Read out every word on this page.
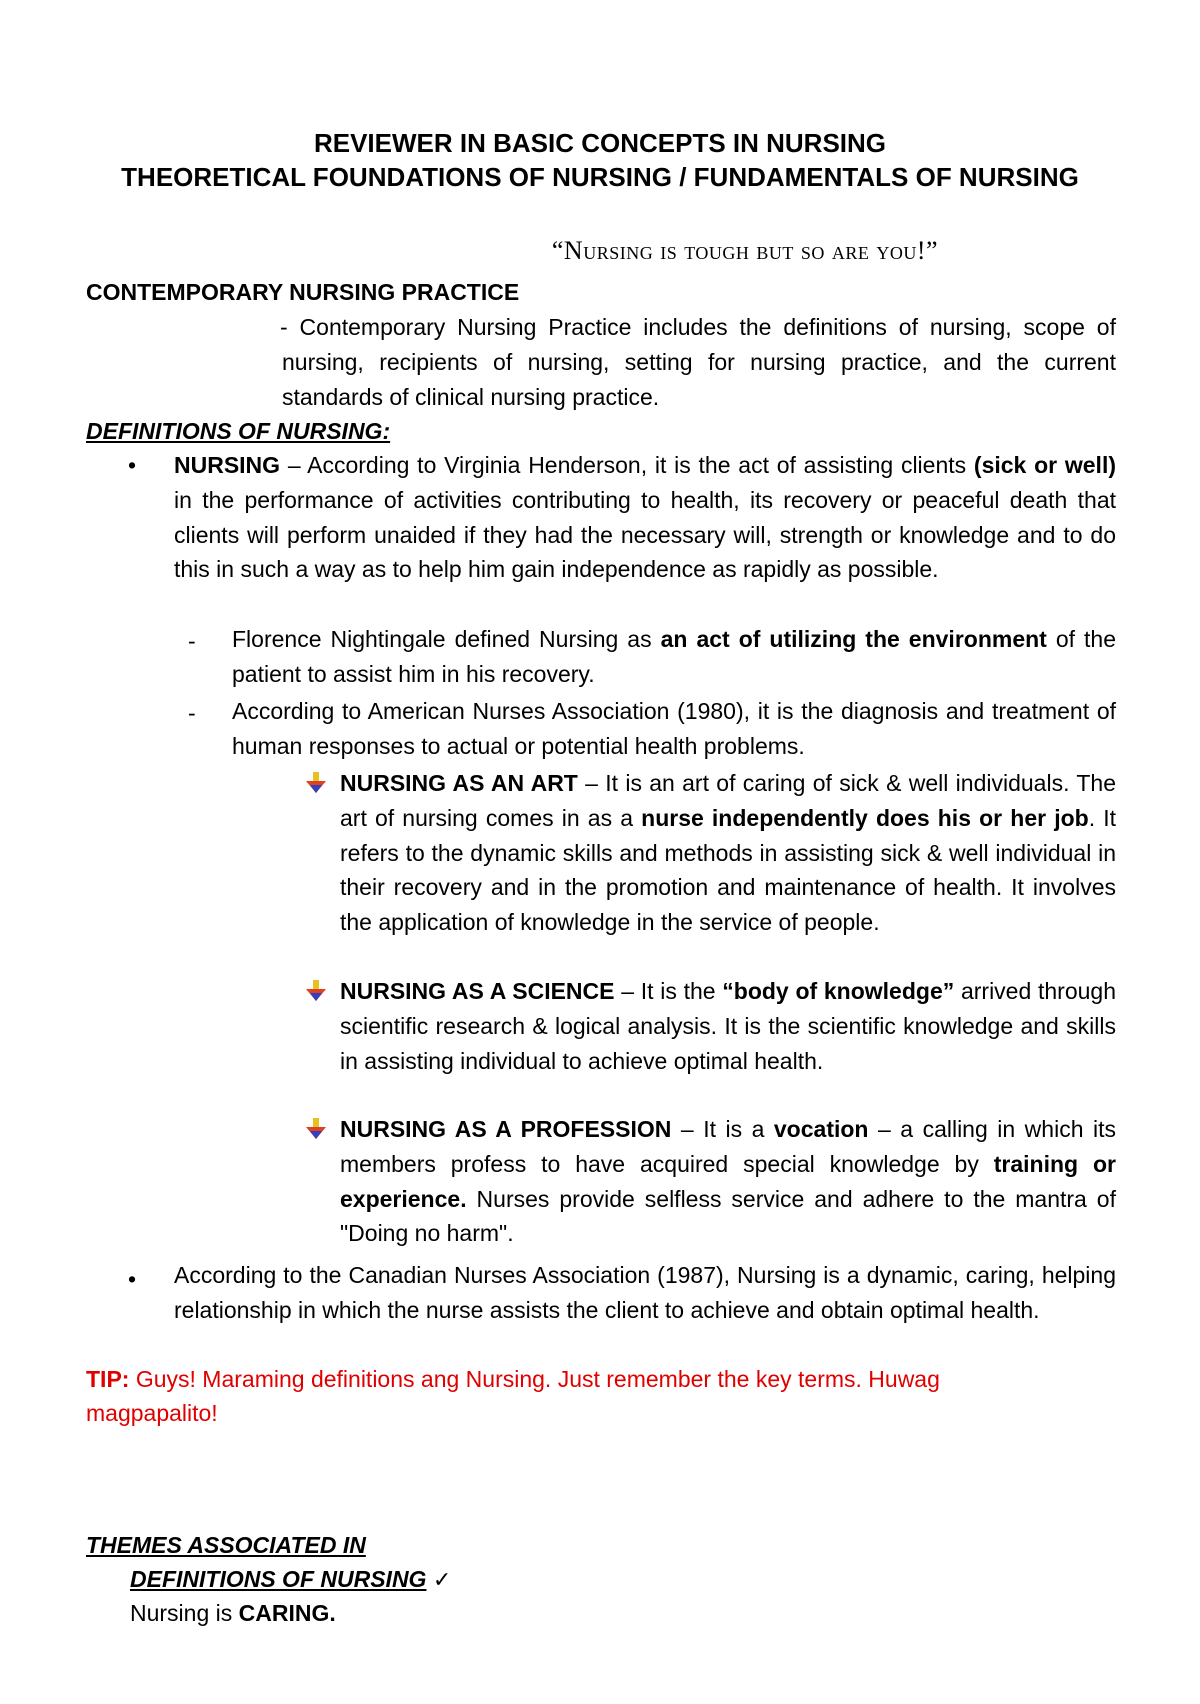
REVIEWER IN BASIC CONCEPTS IN NURSING
THEORETICAL FOUNDATIONS OF NURSING / FUNDAMENTALS OF NURSING
“Nursing is tough but so are you!”
CONTEMPORARY NURSING PRACTICE
- Contemporary Nursing Practice includes the definitions of nursing, scope of nursing, recipients of nursing, setting for nursing practice, and the current standards of clinical nursing practice.
DEFINITIONS OF NURSING:
• NURSING – According to Virginia Henderson, it is the act of assisting clients (sick or well) in the performance of activities contributing to health, its recovery or peaceful death that clients will perform unaided if they had the necessary will, strength or knowledge and to do this in such a way as to help him gain independence as rapidly as possible.
- Florence Nightingale defined Nursing as an act of utilizing the environment of the patient to assist him in his recovery.
- According to American Nurses Association (1980), it is the diagnosis and treatment of human responses to actual or potential health problems.
NURSING AS AN ART – It is an art of caring of sick & well individuals. The art of nursing comes in as a nurse independently does his or her job. It refers to the dynamic skills and methods in assisting sick & well individual in their recovery and in the promotion and maintenance of health. It involves the application of knowledge in the service of people.
NURSING AS A SCIENCE – It is the “body of knowledge” arrived through scientific research & logical analysis. It is the scientific knowledge and skills in assisting individual to achieve optimal health.
NURSING AS A PROFESSION – It is a vocation – a calling in which its members profess to have acquired special knowledge by training or experience. Nurses provide selfless service and adhere to the mantra of "Doing no harm".
• According to the Canadian Nurses Association (1987), Nursing is a dynamic, caring, helping relationship in which the nurse assists the client to achieve and obtain optimal health.
TIP: Guys! Maraming definitions ang Nursing. Just remember the key terms. Huwag magpapalito!
THEMES ASSOCIATED IN
DEFINITIONS OF NURSING ✓
Nursing is CARING.
